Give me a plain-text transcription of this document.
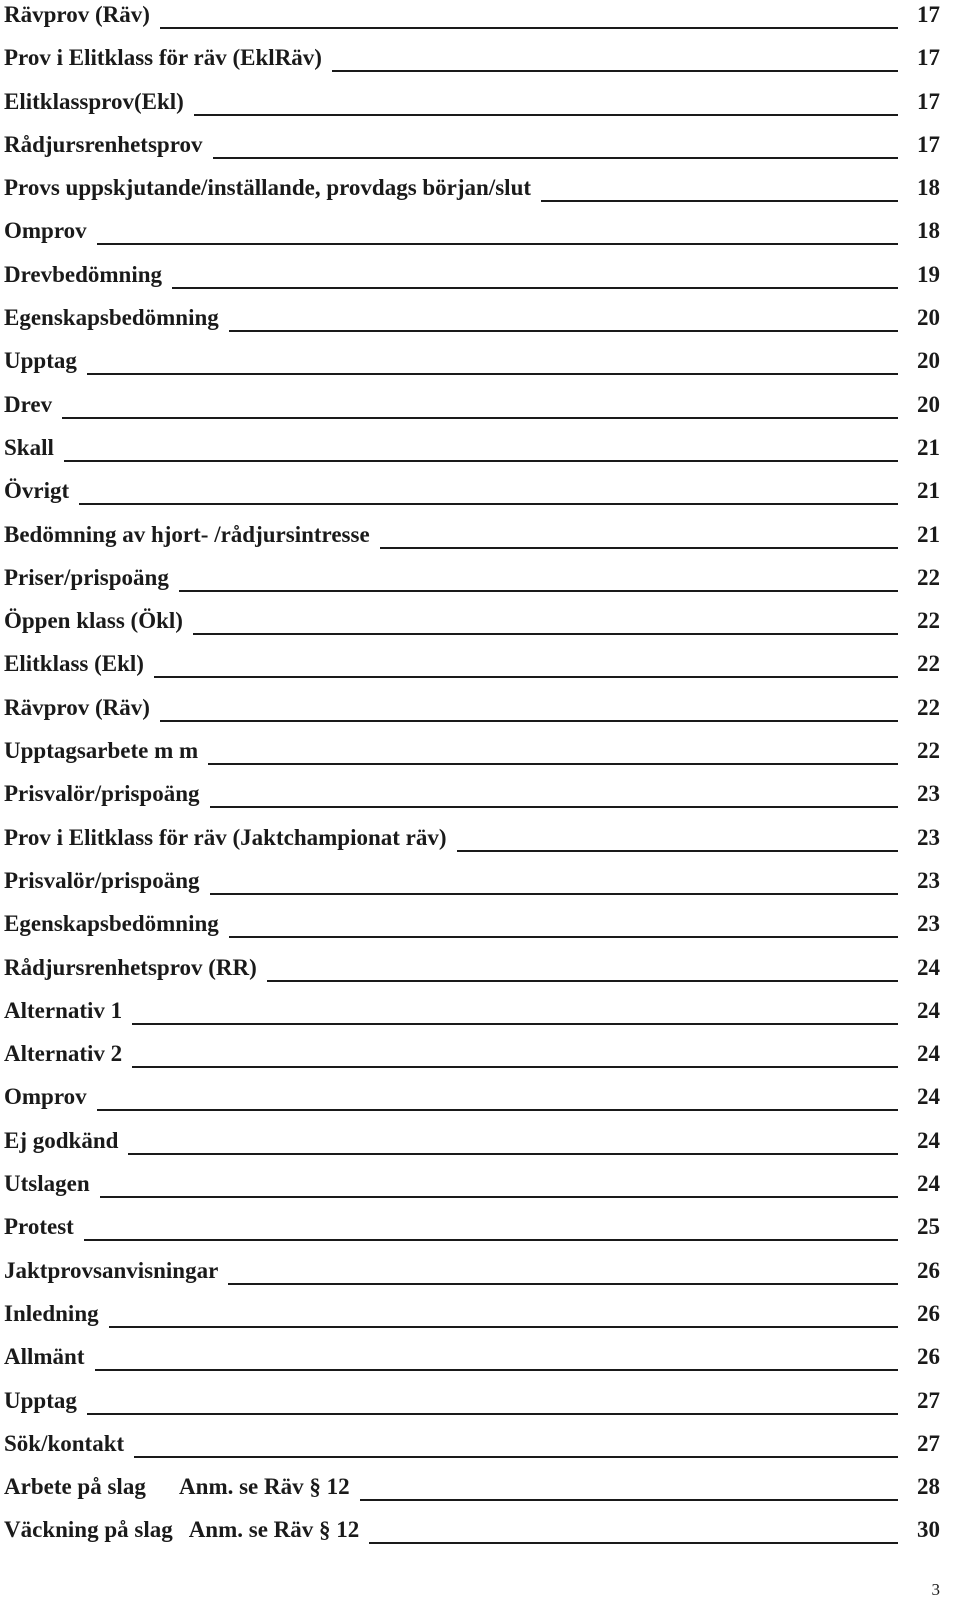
Rävprov (Räv)	17
Prov i Elitklass för räv (EklRäv)	17
Elitklassprov(Ekl)	17
Rådjursrenhetsprov	17
Provs uppskjutande/inställande, provdags början/slut	18
Omprov	18
Drevbedömning	19
Egenskapsbedömning	20
Upptag	20
Drev	20
Skall	21
Övrigt	21
Bedömning av hjort- /rådjursintresse	21
Priser/prispoäng	22
Öppen klass (Ökl)	22
Elitklass (Ekl)	22
Rävprov (Räv)	22
Upptagsarbete m m	22
Prisvalör/prispoäng	23
Prov i Elitklass för räv (Jaktchampionat räv)	23
Prisvalör/prispoäng	23
Egenskapsbedömning	23
Rådjursrenhetsprov (RR)	24
Alternativ 1	24
Alternativ 2	24
Omprov	24
Ej godkänd	24
Utslagen	24
Protest	25
Jaktprovsanvisningar	26
Inledning	26
Allmänt	26
Upptag	27
Sök/kontakt	27
Arbete på slag      Anm. se Räv § 12	28
Väckning på slag   Anm. se Räv § 12	30
3
